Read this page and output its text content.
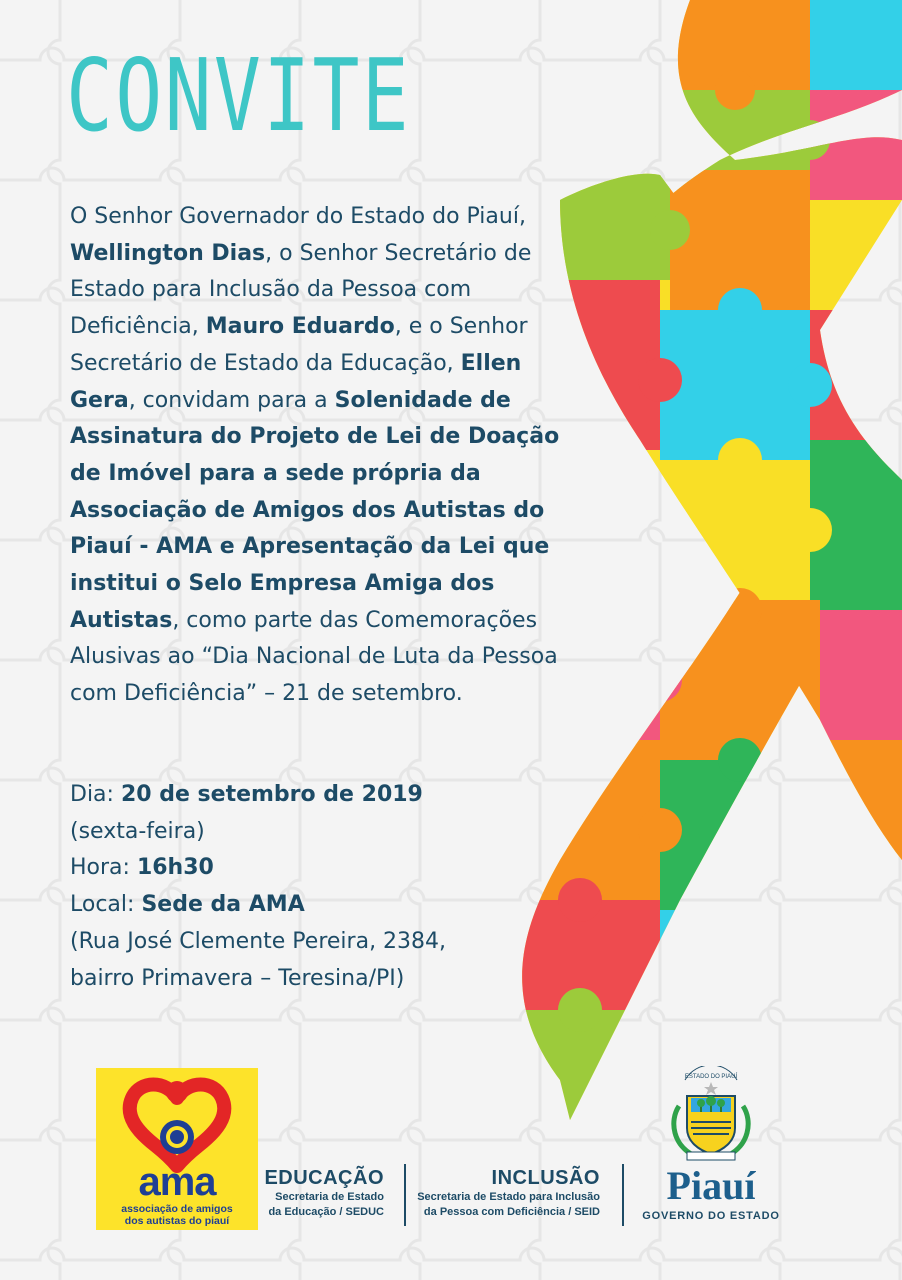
CONVITE

O Senhor Governador do Estado do Piauí, Wellington Dias, o Senhor Secretário de Estado para Inclusão da Pessoa com Deficiência, Mauro Eduardo, e o Senhor Secretário de Estado da Educação, Ellen Gera, convidam para a Solenidade de Assinatura do Projeto de Lei de Doação de Imóvel para a sede própria da Associação de Amigos dos Autistas do Piauí - AMA e Apresentação da Lei que institui o Selo Empresa Amiga dos Autistas, como parte das Comemorações Alusivas ao “Dia Nacional de Luta da Pessoa com Deficiência” – 21 de setembro.

Dia: 20 de setembro de 2019
(sexta-feira)
Hora: 16h30
Local: Sede da AMA
(Rua José Clemente Pereira, 2384,
bairro Primavera – Teresina/PI)
ama
associação de amigos
dos autistas do piauí
EDUCAÇÃO
Secretaria de Estado
da Educação / SEDUC
INCLUSÃO
Secretaria de Estado para Inclusão
da Pessoa com Deficiência / SEID
ESTADO DO PIAUÍ
Piauí
GOVERNO DO ESTADO
